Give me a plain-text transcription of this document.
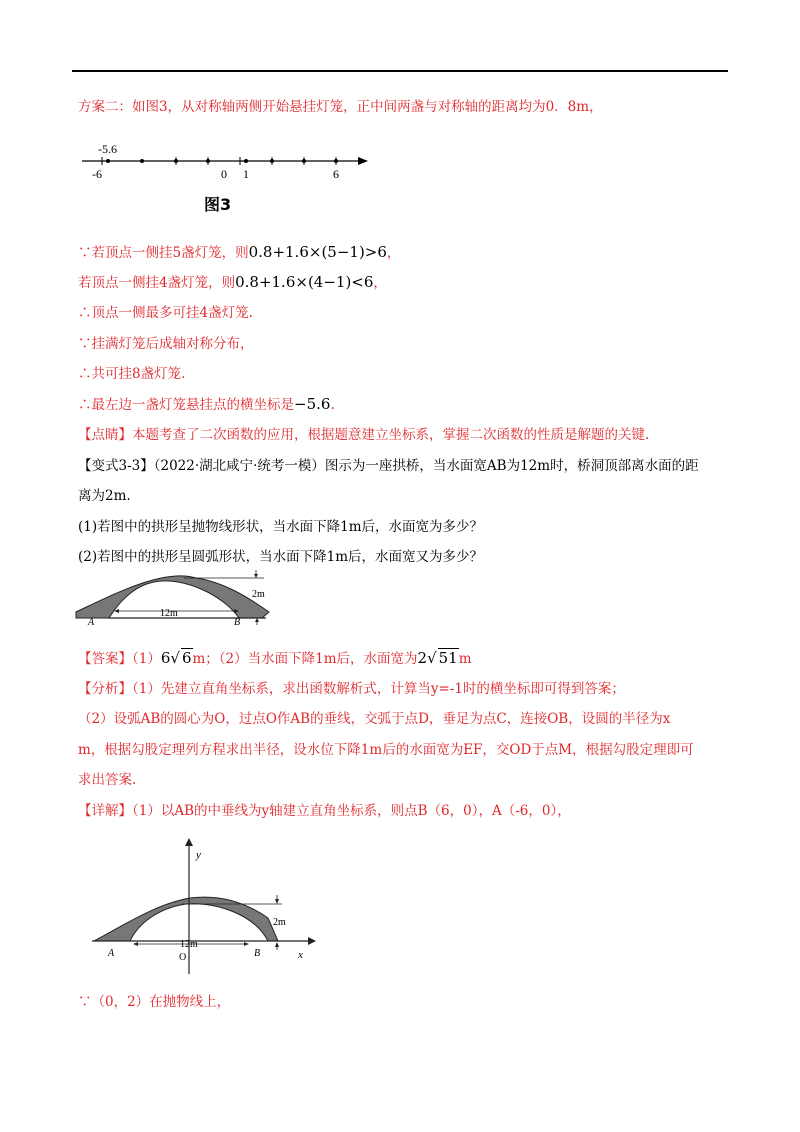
方案二：如图3，从对称轴两侧开始悬挂灯笼，正中间两盏与对称轴的距离均为0．8m，
-5.6
-6	0 1	6
图3
∵若顶点一侧挂5盏灯笼，则0.8+1.6×(5−1)>6，
若顶点一侧挂4盏灯笼，则0.8+1.6×(4−1)<6，
∴顶点一侧最多可挂4盏灯笼.
∵挂满灯笼后成轴对称分布，
∴共可挂8盏灯笼.
∴最左边一盏灯笼悬挂点的横坐标是−5.6.
【点睛】本题考查了二次函数的应用，根据题意建立坐标系，掌握二次函数的性质是解题的关键.
【变式3-3】（2022·湖北咸宁·统考一模）图示为一座拱桥，当水面宽AB为12m时，桥洞顶部离水面的距
离为2m.
(1)若图中的拱形呈抛物线形状，当水面下降1m后，水面宽为多少？
(2)若图中的拱形呈圆弧形状，当水面下降1m后，水面宽又为多少？
12m
2m
A	B
【答案】（1）6√ 6m；（2）当水面下降1m后，水面宽为2√ 51m
【分析】（1）先建立直角坐标系，求出函数解析式，计算当y=-1时的横坐标即可得到答案；
（2）设弧AB的圆心为O，过点O作AB的垂线，交弧于点D，垂足为点C，连接OB，设圆的半径为x
m，根据勾股定理列方程求出半径，设水位下降1m后的水面宽为EF，交OD于点M，根据勾股定理即可
求出答案.
【详解】（1）以AB的中垂线为y轴建立直角坐标系，则点B（6，0），A（-6，0），
y
x
12m
2m
A	B
O
∵（0，2）在抛物线上，
